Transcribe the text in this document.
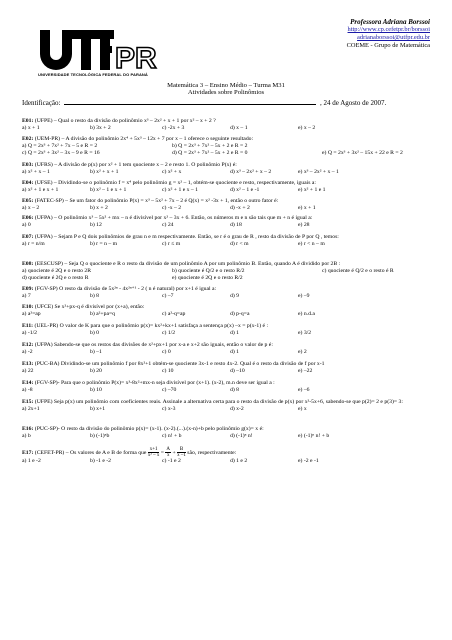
PR
UNIVERSIDADE TECNOLÓGICA FEDERAL DO PARANÁ
Professora Adriana Borssoi
http://www.cp.cefetpr.br/borssoi
adrianaborssoi@utfpr.edu.br
COEME - Grupo de Matemática
Matemática 3 – Ensino Médio – Turma M31
Atividades sobre Polinômios
Identificação:	, 24 de Agosto de 2007.
E01: (UFPE) – Qual o resto da divisão do polinômio x³ – 2x² + x + 1 por x² – x + 2 ?
a) x + 1	b) 3x + 2	c) -2x + 3	d) x – 1	e) x – 2
E02: (UEM-PR) – A divisão do polinômio 2x⁴ + 5x³ – 12x + 7 por x – 1 oferece o seguinte resultado:
a) Q = 2x³ + 7x² + 7x – 5 e R = 2	b) Q = 2x³ + 7x² – 5x + 2 e R = 2
c) Q = 2x³ + 3x² – 3x – 9 e R = 16	d) Q = 2x³ + 7x² – 5x + 2 e R = 0	e) Q = 2x³ + 3x² – 15x + 22 e R = 2
E03: (UFRS) – A divisão de p(x) por x² + 1 tem quociente x – 2 e resto 1. O polinômio P(x) é:
a) x² + x – 1	b) x² + x + 1	c) x² + x	d) x³ – 2x² + x – 2	e) x³ – 2x² + x – 1
E04: (UFSE) – Dividindo-se o polinômio f = x⁴ pelo polinômio g = x² – 1, obtém-se quociente e resto, respectivamente, iguais a:
a) x² + 1 e x + 1	b) x² – 1 e x + 1	c) x² + 1 e x – 1	d) x² – 1 e -1	e) x² + 1 e 1
E05: (FATEC-SP) – Se um fator do polinômio P(x) = x³ – 5x² + 7x – 2 é Q(x) = x² -3x + 1, então o outro fator é:
a) x – 2	b) x + 2	c) -x – 2	d) -x + 2	e) x + 1
E06: (UFPA) – O polinômio x³ – 5x² + mx – n é divisível por x² – 3x + 6. Então, os números m e n são tais que m + n é igual a:
a) 0	b) 12	c) 24	d) 18	e) 28
E07: (UFPA) – Sejam P e Q dois polinômios de grau n e m respectivamente. Então, se r é o grau de R , resto da divisão de P por Q , temos:
a) r = n/m	b) r = n – m	c) r ≤ m	d) r < m	e) r < n – m
E08: (EESCUSP) – Seja Q o quociente e R o resto da divisão de um polinômio A por um polinômio B. Então, quando A é dividido por 2B :
a) quociente é 2Q e o resto 2R	b) quociente é Q/2 e o resto R/2	c) quociente é Q/2 e o resto é R
d) quociente é 2Q e o resto R	e) quociente é 2Q e o resto R/2
E09: (FGV-SP) O resto da divisão de 5x²ⁿ - 4x²ⁿ⁺¹ - 2 ( n é natural) por x+1 é igual a:
a) 7	b) 8	c) –7	d) 9	e) –9
E10: (UFCE) Se x²+px-q é divisível por (x+a), então:
a) a²=ap	b) a²+pa=q	c) a²-q=ap	d) p-q=a	e) n.d.a
E11: (UEL-PR) O valor de K para que o polinômio p(x)= kx²+kx+1 satisfaça a sentença p(x) –x = p(x-1) é :
a) -1/2	b) 0	c) 1/2	d) 1	e) 3/2
E12: (UFPA) Sabendo-se que os restos das divisões de x²+px+1 por x-a e x+2 são iguais, então o valor de p é:
a) -2	b) –1	c) 0	d) 1	e) 2
E13: (PUC-BA) Dividindo-se um polinômio f por 8x²+1 obtém-se quociente 3x-1 e resto 4x-2. Qual é o resto da divisão de f por x-1
a) 22	b) 20	c) 10	d) –10	e) –22
E14: (FGV-SP)- Para que o polinômio P(x)= x³-8x²+mx-n seja divisível por (x+1). (x-2), m.n deve ser igual a :
a) -8	b) 10	c) –70	d) 8	e) –6
E15: (UFPE) Seja p(x) um polinômio com coeficientes reais. Assinale a alternativa certa para o resto da divisão de p(x) por x²-5x+6, sabendo-se que p(2)= 2 e p(3)= 3:
a) 2x+1	b) x+1	c) x-3	d) x-2	e) x
E16: (PUC-SP)- O resto da divisão do polinômio p(x)= (x-1). (x-2).(...).(x-n)+b pelo polinômio g(x)= x é:
a) b	b) (-1)ⁿb	c) n! + b	d) (-1)ⁿ n!	e) (-1)ⁿ n! + b
E17: (CEFET-PR) – Os valores de A e B de forma que $\frac{x+1}{\text{x² – x}} = \frac{A}{x} + \frac{B}{x -1}$ são, respectivamente:
a) 1 e -2	b) -1 e -2	c) -1 e 2	d) 1 e 2	e) -2 e -1
